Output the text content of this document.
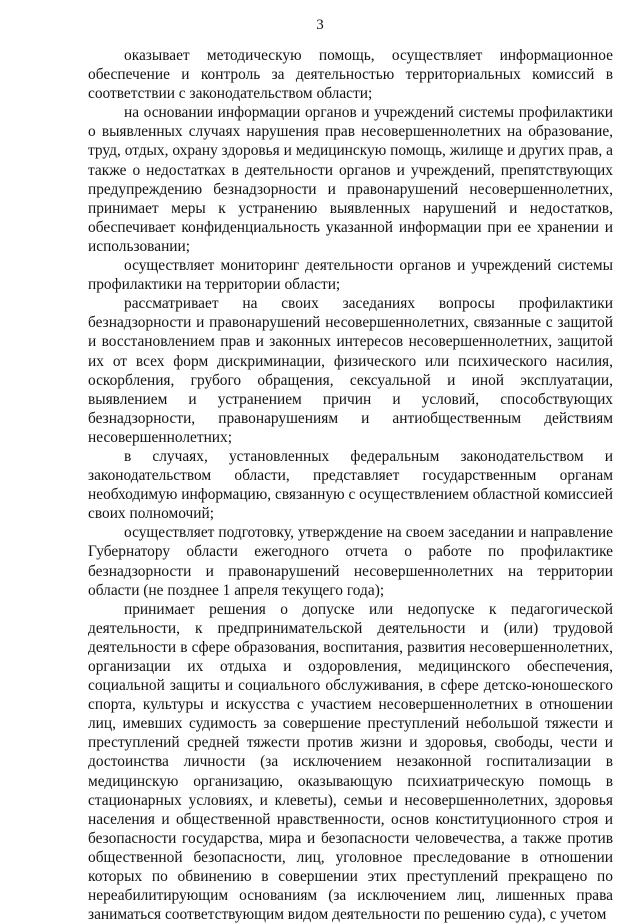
3

оказывает методическую помощь, осуществляет информационное обеспечение и контроль за деятельностью территориальных комиссий в соответствии с законодательством области;

на основании информации органов и учреждений системы профилактики о выявленных случаях нарушения прав несовершеннолетних на образование, труд, отдых, охрану здоровья и медицинскую помощь, жилище и других прав, а также о недостатках в деятельности органов и учреждений, препятствующих предупреждению безнадзорности и правонарушений несовершеннолетних, принимает меры к устранению выявленных нарушений и недостатков, обеспечивает конфиденциальность указанной информации при ее хранении и использовании;

осуществляет мониторинг деятельности органов и учреждений системы профилактики на территории области;

рассматривает на своих заседаниях вопросы профилактики безнадзорности и правонарушений несовершеннолетних, связанные с защитой и восстановлением прав и законных интересов несовершеннолетних, защитой их от всех форм дискриминации, физического или психического насилия, оскорбления, грубого обращения, сексуальной и иной эксплуатации, выявлением и устранением причин и условий, способствующих безнадзорности, правонарушениям и антиобщественным действиям несовершеннолетних;

в случаях, установленных федеральным законодательством и законодательством области, представляет государственным органам необходимую информацию, связанную с осуществлением областной комиссией своих полномочий;

осуществляет подготовку, утверждение на своем заседании и направление Губернатору области ежегодного отчета о работе по профилактике безнадзорности и правонарушений несовершеннолетних на территории области (не позднее 1 апреля текущего года);

принимает решения о допуске или недопуске к педагогической деятельности, к предпринимательской деятельности и (или) трудовой деятельности в сфере образования, воспитания, развития несовершеннолетних, организации их отдыха и оздоровления, медицинского обеспечения, социальной защиты и социального обслуживания, в сфере детско-юношеского спорта, культуры и искусства с участием несовершеннолетних в отношении лиц, имевших судимость за совершение преступлений небольшой тяжести и преступлений средней тяжести против жизни и здоровья, свободы, чести и достоинства личности (за исключением незаконной госпитализации в медицинскую организацию, оказывающую психиатрическую помощь в стационарных условиях, и клеветы), семьи и несовершеннолетних, здоровья населения и общественной нравственности, основ конституционного строя и безопасности государства, мира и безопасности человечества, а также против общественной безопасности, лиц, уголовное преследование в отношении которых по обвинению в совершении этих преступлений прекращено по нереабилитирующим основаниям (за исключением лиц, лишенных права заниматься соответствующим видом деятельности по решению суда), с учетом
